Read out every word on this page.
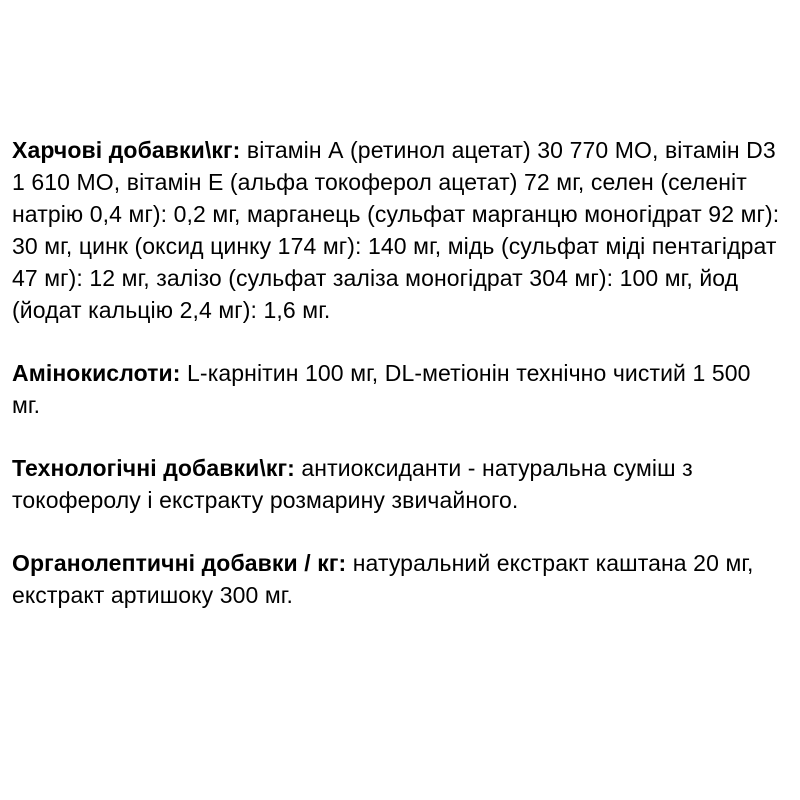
Харчові добавки\кг: вітамін А (ретинол ацетат) 30 770 МО, вітамін D3 1 610 МО, вітамін Е (альфа токоферол ацетат) 72 мг, селен (селеніт натрію 0,4 мг): 0,2 мг, марганець (сульфат марганцю моногідрат 92 мг): 30 мг, цинк (оксид цинку 174 мг): 140 мг, мідь (сульфат міді пентагідрат 47 мг): 12 мг, залізо (сульфат заліза моногідрат 304 мг): 100 мг, йод (йодат кальцію 2,4 мг): 1,6 мг.

Амінокислоти: L-карнітин 100 мг, DL-метіонін технічно чистий 1 500 мг.

Технологічні добавки\кг: антиоксиданти - натуральна суміш з токоферолу і екстракту розмарину звичайного.

Органолептичні добавки / кг: натуральний екстракт каштана 20 мг, екстракт артишоку 300 мг.
